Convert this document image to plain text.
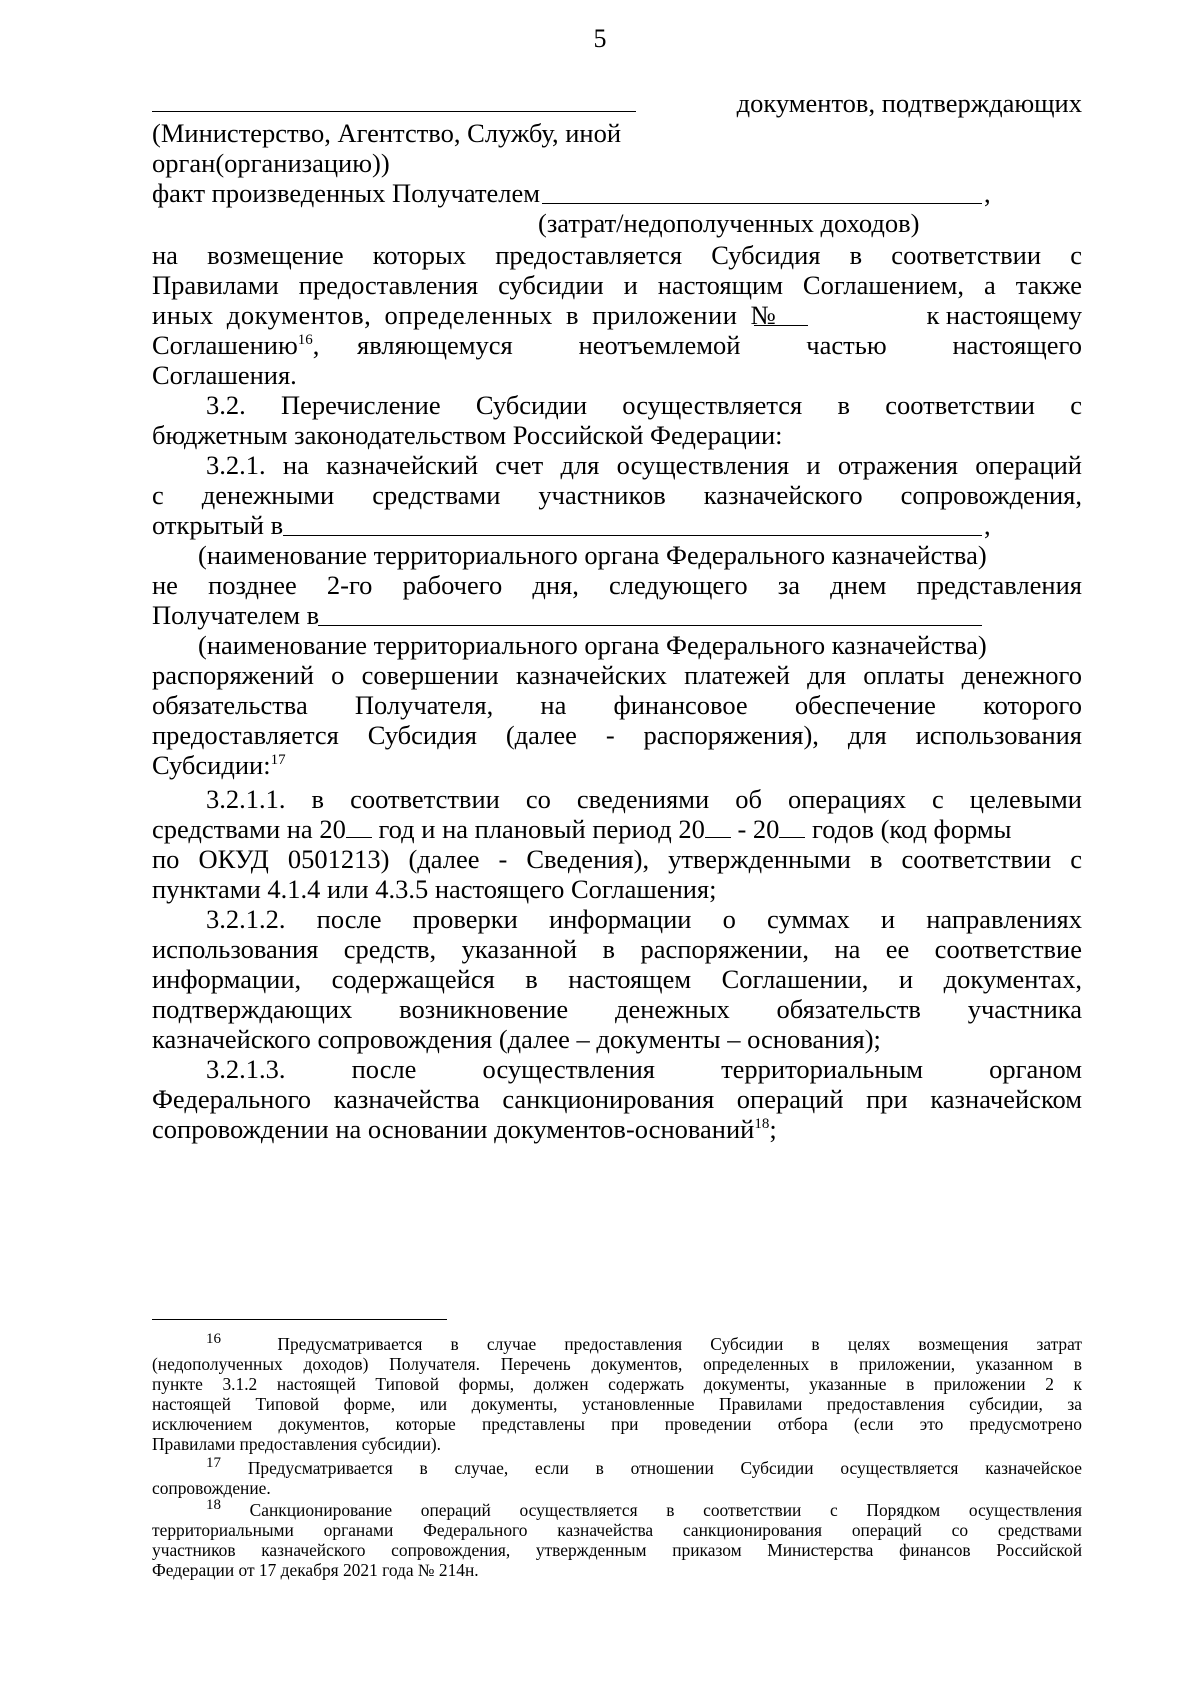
5
документов, подтверждающих
(Министерство, Агентство, Службу, иной
орган(организацию))
факт произведенных Получателем	,
(затрат/недополученных доходов)
на возмещение которых предоставляется Субсидия в соответствии с
Правилами предоставления субсидии и настоящим Соглашением, а также
иных документов, определенных в приложении №	к настоящему
Соглашению$^{16}$, являющемуся неотъемлемой частью настоящего
Соглашения.
3.2. Перечисление Субсидии осуществляется в соответствии с
бюджетным законодательством Российской Федерации:
3.2.1. на казначейский счет для осуществления и отражения операций
с денежными средствами участников казначейского сопровождения,
открытый в	,
(наименование территориального органа Федерального казначейства)
не позднее 2-го рабочего дня, следующего за днем представления
Получателем в
(наименование территориального органа Федерального казначейства)
распоряжений о совершении казначейских платежей для оплаты денежного
обязательства Получателя, на финансовое обеспечение которого
предоставляется Субсидия (далее - распоряжения), для использования
Субсидии:$^{17}$
3.2.1.1. в соответствии со сведениями об операциях с целевыми
средствами на 20 год и на плановый период 20 - 20 годов (код формы
по ОКУД 0501213) (далее - Сведения), утвержденными в соответствии с
пунктами 4.1.4 или 4.3.5 настоящего Соглашения;
3.2.1.2. после проверки информации о суммах и направлениях
использования средств, указанной в распоряжении, на ее соответствие
информации, содержащейся в настоящем Соглашении, и документах,
подтверждающих возникновение денежных обязательств участника
казначейского сопровождения (далее – документы – основания);
3.2.1.3. после осуществления территориальным органом
Федерального казначейства санкционирования операций при казначейском
сопровождении на основании документов-оснований$^{18}$;
$^{16}$	Предусматривается в случае предоставления Субсидии в целях возмещения затрат
(недополученных доходов) Получателя. Перечень документов, определенных в приложении, указанном в
пункте 3.1.2 настоящей Типовой формы, должен содержать документы, указанные в приложении 2 к
настоящей Типовой форме, или документы, установленные Правилами предоставления субсидии, за
исключением документов, которые представлены при проведении отбора (если это предусмотрено
Правилами предоставления субсидии).
$^{17}$ Предусматривается в случае, если в отношении Субсидии осуществляется казначейское
сопровождение.
$^{18}$ Санкционирование операций осуществляется в соответствии с Порядком осуществления
территориальными органами Федерального казначейства санкционирования операций со средствами
участников казначейского сопровождения, утвержденным приказом Министерства финансов Российской
Федерации от 17 декабря 2021 года № 214н.
